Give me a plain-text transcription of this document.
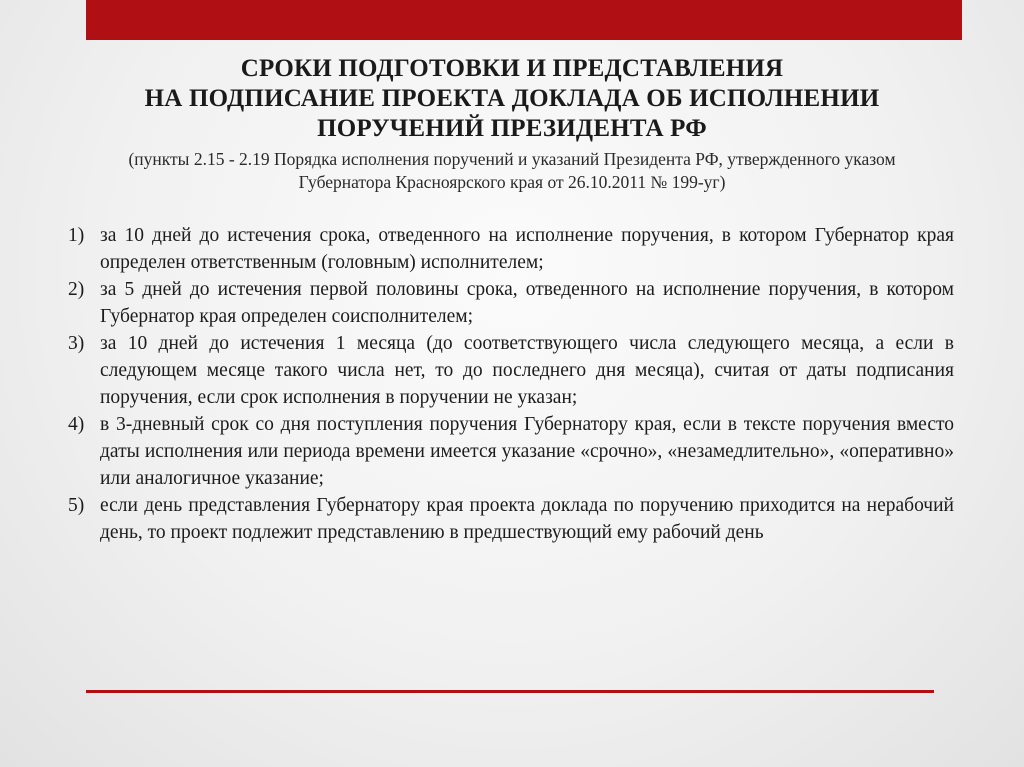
СРОКИ ПОДГОТОВКИ И ПРЕДСТАВЛЕНИЯ
НА ПОДПИСАНИЕ ПРОЕКТА ДОКЛАДА ОБ ИСПОЛНЕНИИ
ПОРУЧЕНИЙ ПРЕЗИДЕНТА РФ
(пункты 2.15 - 2.19 Порядка исполнения поручений и указаний Президента РФ, утвержденного указом
Губернатора Красноярского края от 26.10.2011 № 199-уг)
1) за 10 дней до истечения срока, отведенного на исполнение поручения, в котором Губернатор края определен ответственным (головным) исполнителем;
2) за 5 дней до истечения первой половины срока, отведенного на исполнение поручения, в котором Губернатор края определен соисполнителем;
3) за 10 дней до истечения 1 месяца (до соответствующего числа следующего месяца, а если в следующем месяце такого числа нет, то до последнего дня месяца), считая от даты подписания поручения, если срок исполнения в поручении не указан;
4) в 3-дневный срок со дня поступления поручения Губернатору края, если в тексте поручения вместо даты исполнения или периода времени имеется указание «срочно», «незамедлительно», «оперативно» или аналогичное указание;
5) если день представления Губернатору края проекта доклада по поручению приходится на нерабочий день, то проект подлежит представлению в предшествующий ему рабочий день
